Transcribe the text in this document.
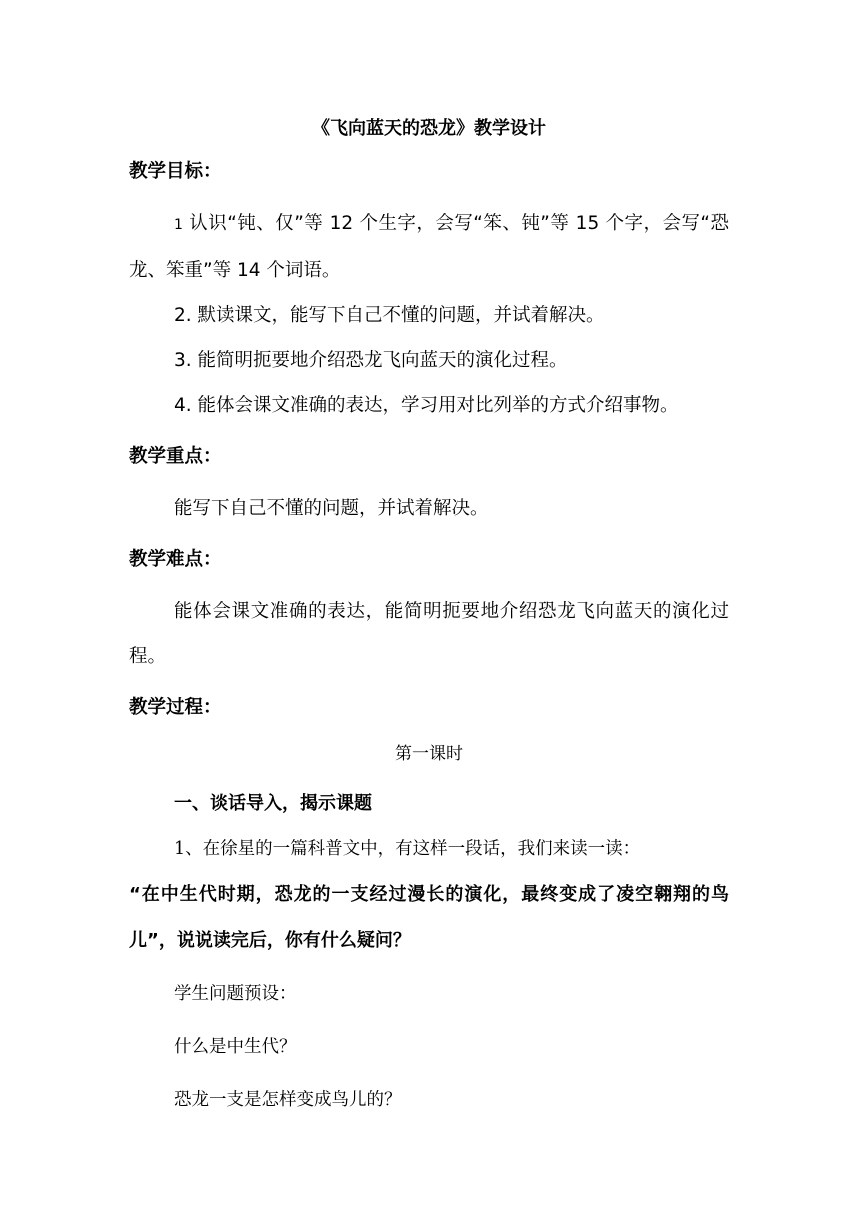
《飞向蓝天的恐龙》教学设计
教学目标：
1 认识“钝、仅”等 12 个生字，会写“笨、钝”等 15 个字，会写“恐龙、笨重”等 14 个词语。
2. 默读课文，能写下自己不懂的问题，并试着解决。
3. 能简明扼要地介绍恐龙飞向蓝天的演化过程。
4. 能体会课文准确的表达，学习用对比列举的方式介绍事物。
教学重点：
能写下自己不懂的问题，并试着解决。
教学难点：
能体会课文准确的表达，能简明扼要地介绍恐龙飞向蓝天的演化过程。
教学过程：
第一课时
一、谈话导入，揭示课题
1、在徐星的一篇科普文中，有这样一段话，我们来读一读：
“在中生代时期，恐龙的一支经过漫长的演化，最终变成了凌空翱翔的鸟儿”，说说读完后，你有什么疑问？
学生问题预设：
什么是中生代？
恐龙一支是怎样变成鸟儿的？
